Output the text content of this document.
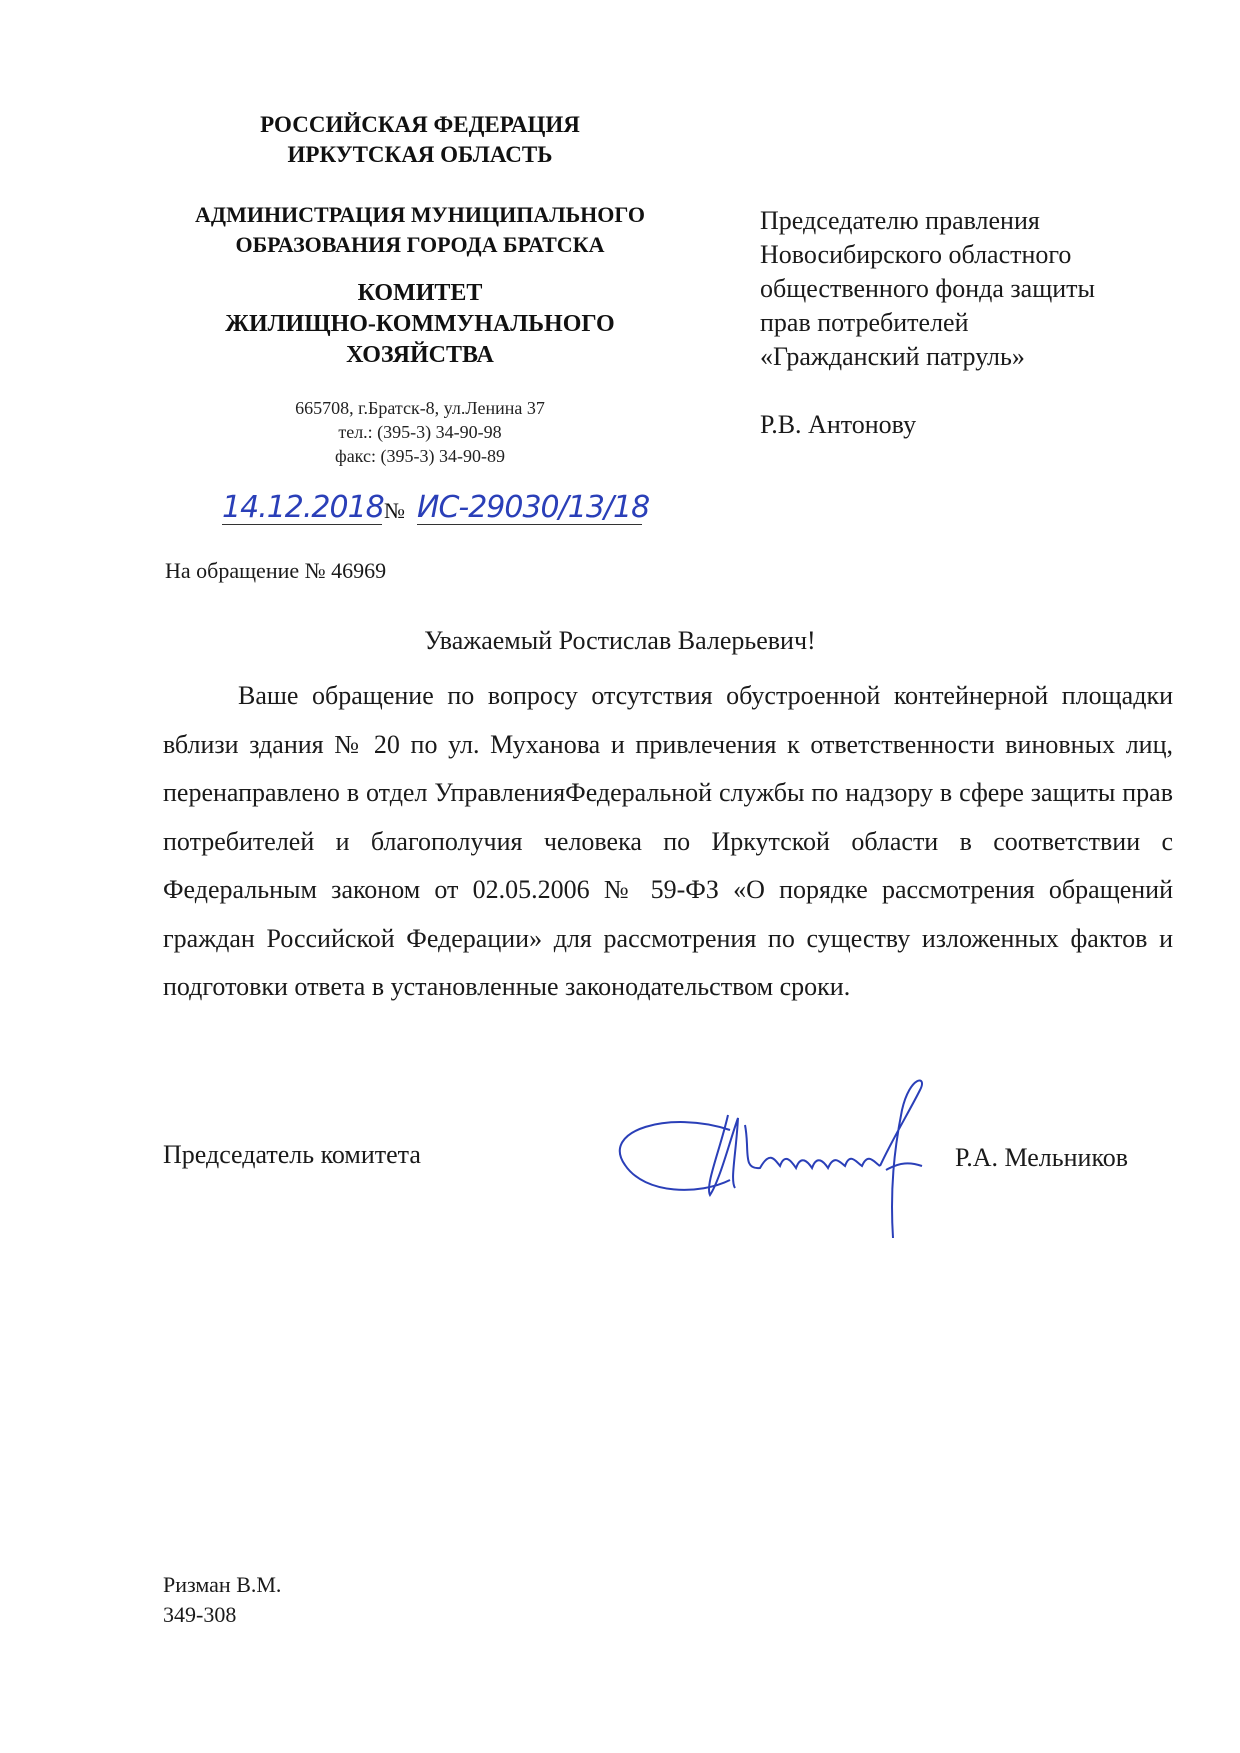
РОССИЙСКАЯ ФЕДЕРАЦИЯ
ИРКУТСКАЯ ОБЛАСТЬ
АДМИНИСТРАЦИЯ МУНИЦИПАЛЬНОГО
ОБРАЗОВАНИЯ ГОРОДА БРАТСКА
КОМИТЕТ
ЖИЛИЩНО-КОММУНАЛЬНОГО
ХОЗЯЙСТВА
665708, г.Братск-8, ул.Ленина 37
тел.: (395-3) 34-90-98
факс: (395-3) 34-90-89
14.12.2018 № ИС-29030/13/18
Председателю правления
Новосибирского областного
общественного фонда защиты
прав потребителей
«Гражданский патруль»
Р.В. Антонову
На обращение № 46969
Уважаемый Ростислав Валерьевич!
Ваше обращение по вопросу отсутствия обустроенной контейнерной площадки вблизи здания № 20 по ул. Муханова и привлечения к ответственности виновных лиц, перенаправлено в отдел УправленияФедеральной службы по надзору в сфере защиты прав потребителей и благополучия человека по Иркутской области в соответствии с Федеральным законом от 02.05.2006 № 59-ФЗ «О порядке рассмотрения обращений граждан Российской Федерации» для рассмотрения по существу изложенных фактов и подготовки ответа в установленные законодательством сроки.
Председатель комитета	Р.А. Мельников
Ризман В.М.
349-308
